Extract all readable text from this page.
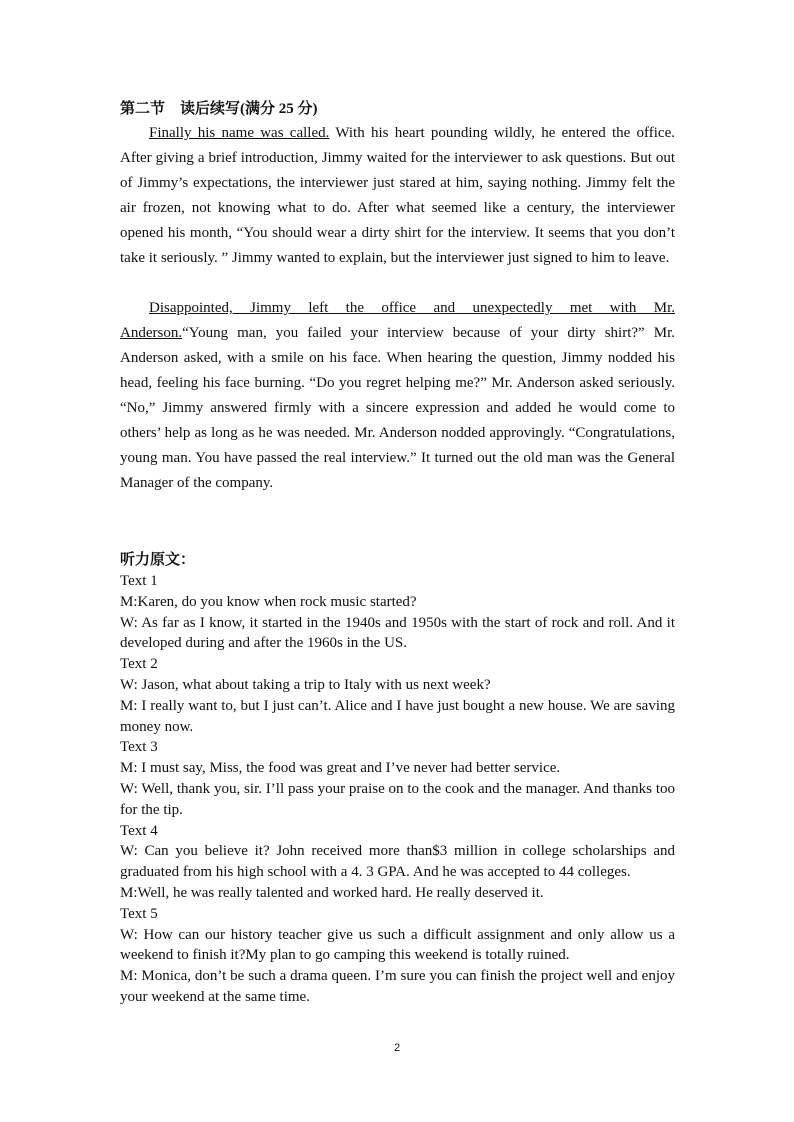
第二节　读后续写(满分 25 分)
Finally his name was called. With his heart pounding wildly, he entered the office. After giving a brief introduction, Jimmy waited for the interviewer to ask questions. But out of Jimmy’s expectations, the interviewer just stared at him, saying nothing. Jimmy felt the air frozen, not knowing what to do. After what seemed like a century, the interviewer opened his month, “You should wear a dirty shirt for the interview. It seems that you don’t take it seriously. ” Jimmy wanted to explain, but the interviewer just signed to him to leave.
Disappointed, Jimmy left the office and unexpectedly met with Mr.
Anderson.“Young man, you failed your interview because of your dirty shirt?” Mr. Anderson asked, with a smile on his face. When hearing the question, Jimmy nodded his head, feeling his face burning. “Do you regret helping me?” Mr. Anderson asked seriously. “No,” Jimmy answered firmly with a sincere expression and added he would come to others’ help as long as he was needed. Mr. Anderson nodded approvingly. “Congratulations, young man. You have passed the real interview.” It turned out the old man was the General Manager of the company.
听力原文：
Text 1
M:Karen, do you know when rock music started?
W: As far as I know, it started in the 1940s and 1950s with the start of rock and roll. And it developed during and after the 1960s in the US.
Text 2
W: Jason, what about taking a trip to Italy with us next week?
M: I really want to, but I just can’t. Alice and I have just bought a new house. We are saving money now.
Text 3
M: I must say, Miss, the food was great and I’ve never had better service.
W: Well, thank you, sir. I’ll pass your praise on to the cook and the manager. And thanks too for the tip.
Text 4
W: Can you believe it? John received more than$3 million in college scholarships and graduated from his high school with a 4. 3 GPA. And he was accepted to 44 colleges.
M:Well, he was really talented and worked hard. He really deserved it.
Text 5
W: How can our history teacher give us such a difficult assignment and only allow us a weekend to finish it?My plan to go camping this weekend is totally ruined.
M: Monica, don’t be such a drama queen. I’m sure you can finish the project well and enjoy your weekend at the same time.
2
